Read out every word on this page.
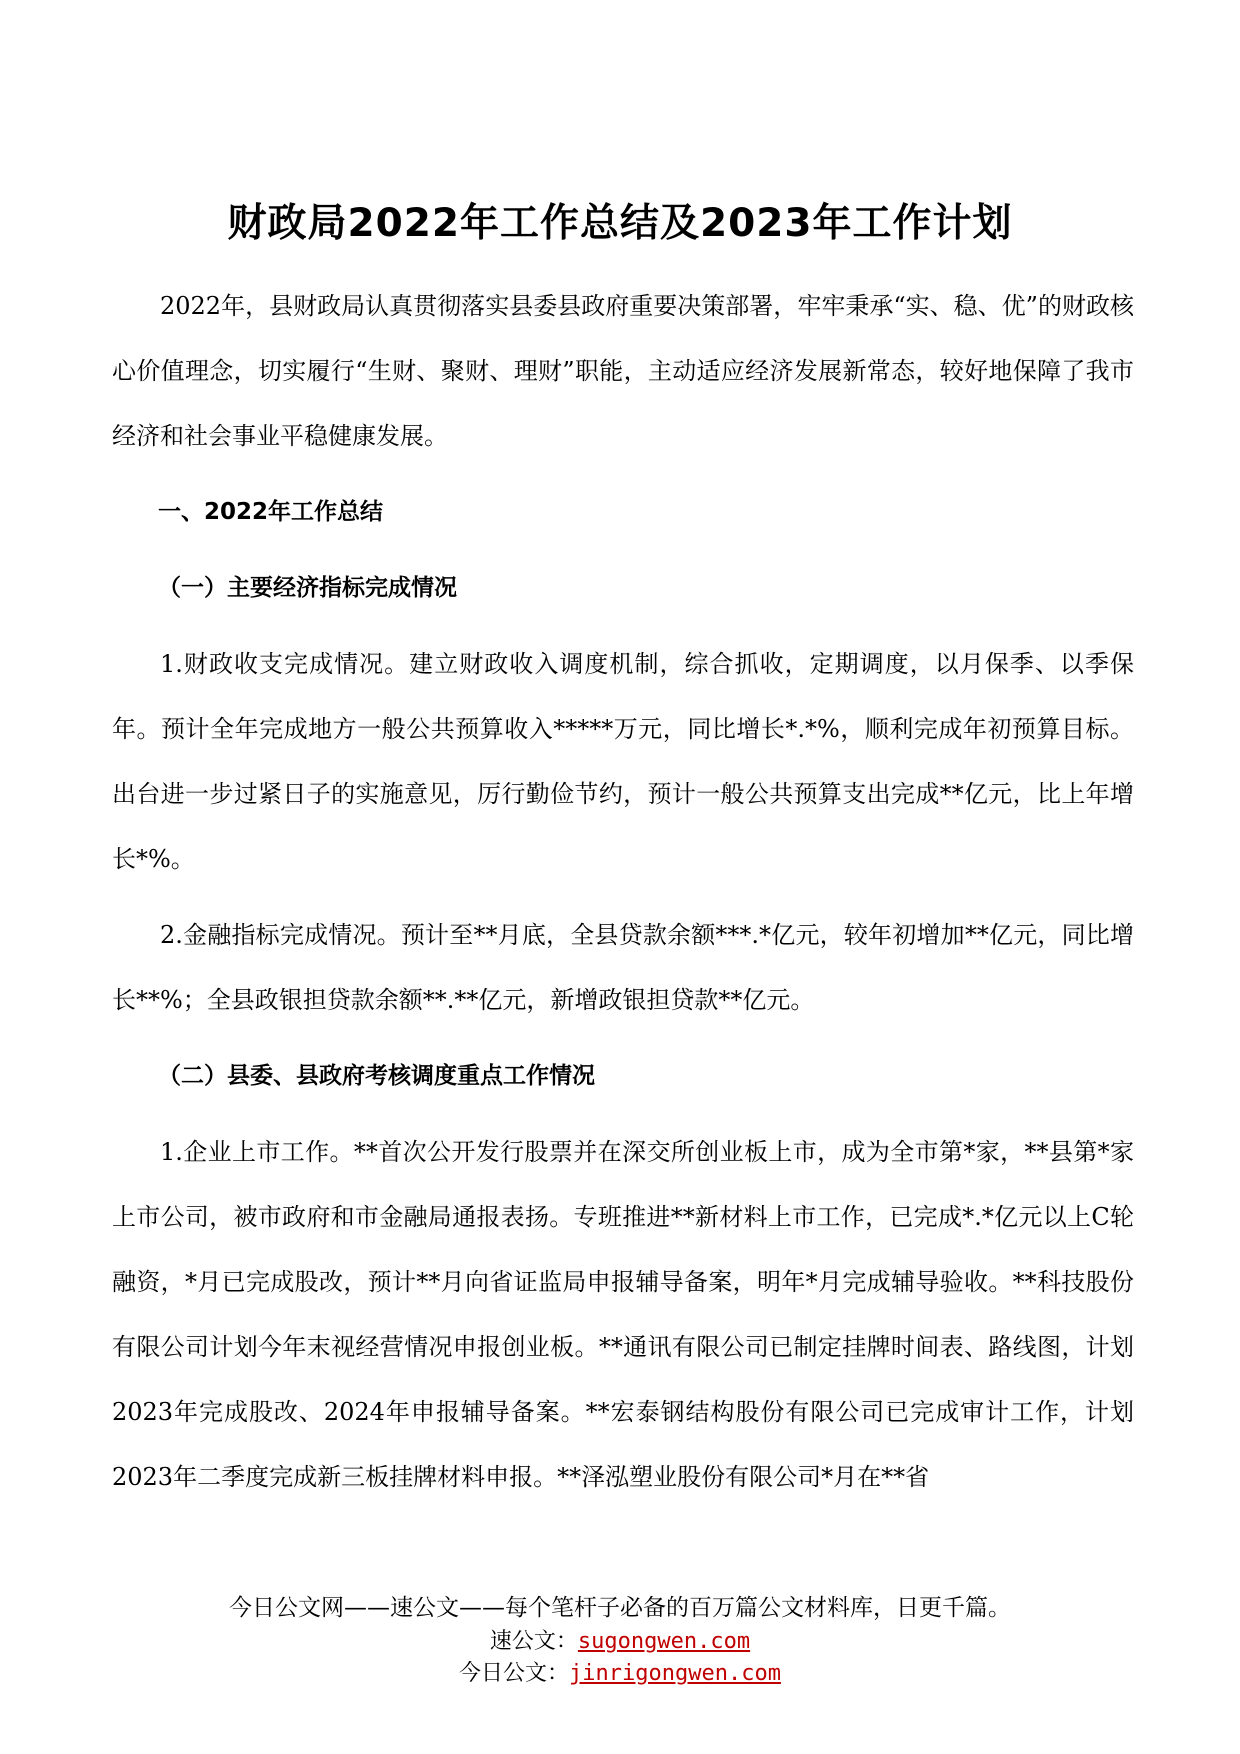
财政局2022年工作总结及2023年工作计划

2022年，县财政局认真贯彻落实县委县政府重要决策部署，牢牢秉承“实、稳、优”的财政核心价值理念，切实履行“生财、聚财、理财”职能，主动适应经济发展新常态，较好地保障了我市经济和社会事业平稳健康发展。

一、2022年工作总结

（一）主要经济指标完成情况

1.财政收支完成情况。建立财政收入调度机制，综合抓收，定期调度，以月保季、以季保年。预计全年完成地方一般公共预算收入*****万元，同比增长*.*%，顺利完成年初预算目标。出台进一步过紧日子的实施意见，厉行勤俭节约，预计一般公共预算支出完成**亿元，比上年增长*%。

2.金融指标完成情况。预计至**月底，全县贷款余额***.*亿元，较年初增加**亿元，同比增长**%；全县政银担贷款余额**.**亿元，新增政银担贷款**亿元。

（二）县委、县政府考核调度重点工作情况

1.企业上市工作。**首次公开发行股票并在深交所创业板上市，成为全市第*家，**县第*家上市公司，被市政府和市金融局通报表扬。专班推进**新材料上市工作，已完成*.*亿元以上C轮融资，*月已完成股改，预计**月向省证监局申报辅导备案，明年*月完成辅导验收。**科技股份有限公司计划今年末视经营情况申报创业板。**通讯有限公司已制定挂牌时间表、路线图，计划2023年完成股改、2024年申报辅导备案。**宏泰钢结构股份有限公司已完成审计工作，计划2023年二季度完成新三板挂牌材料申报。**泽泓塑业股份有限公司*月在**省

今日公文网——速公文——每个笔杆子必备的百万篇公文材料库，日更千篇。
速公文：sugongwen.com
今日公文：jinrigongwen.com
